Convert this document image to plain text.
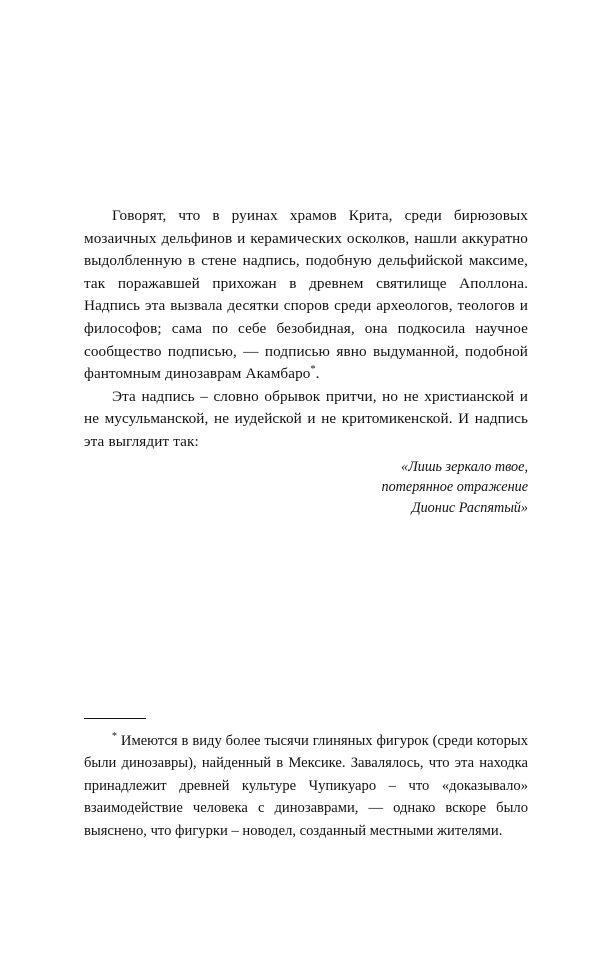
Говорят, что в руинах храмов Крита, среди бирюзовых мозаичных дельфинов и керамических осколков, нашли аккуратно выдолбленную в стене надпись, подобную дельфийской максиме, так поражавшей прихожан в древнем святилище Аполлона. Надпись эта вызвала десятки споров среди археологов, теологов и философов; сама по себе безобидная, она подкосила научное сообщество подписью, — подписью явно выдуманной, подобной фантомным динозаврам Акамбаро*.

Эта надпись – словно обрывок притчи, но не христианской и не мусульманской, не иудейской и не критомикенской. И надпись эта выглядит так:

«Лишь зеркало твое,
потерянное отражение
Дионис Распятый»

* Имеются в виду более тысячи глиняных фигурок (среди которых были динозавры), найденный в Мексике. Завалялось, что эта находка принадлежит древней культуре Чупикуаро – что «доказывало» взаимодействие человека с динозаврами, — однако вскоре было выяснено, что фигурки – новодел, созданный местными жителями.
